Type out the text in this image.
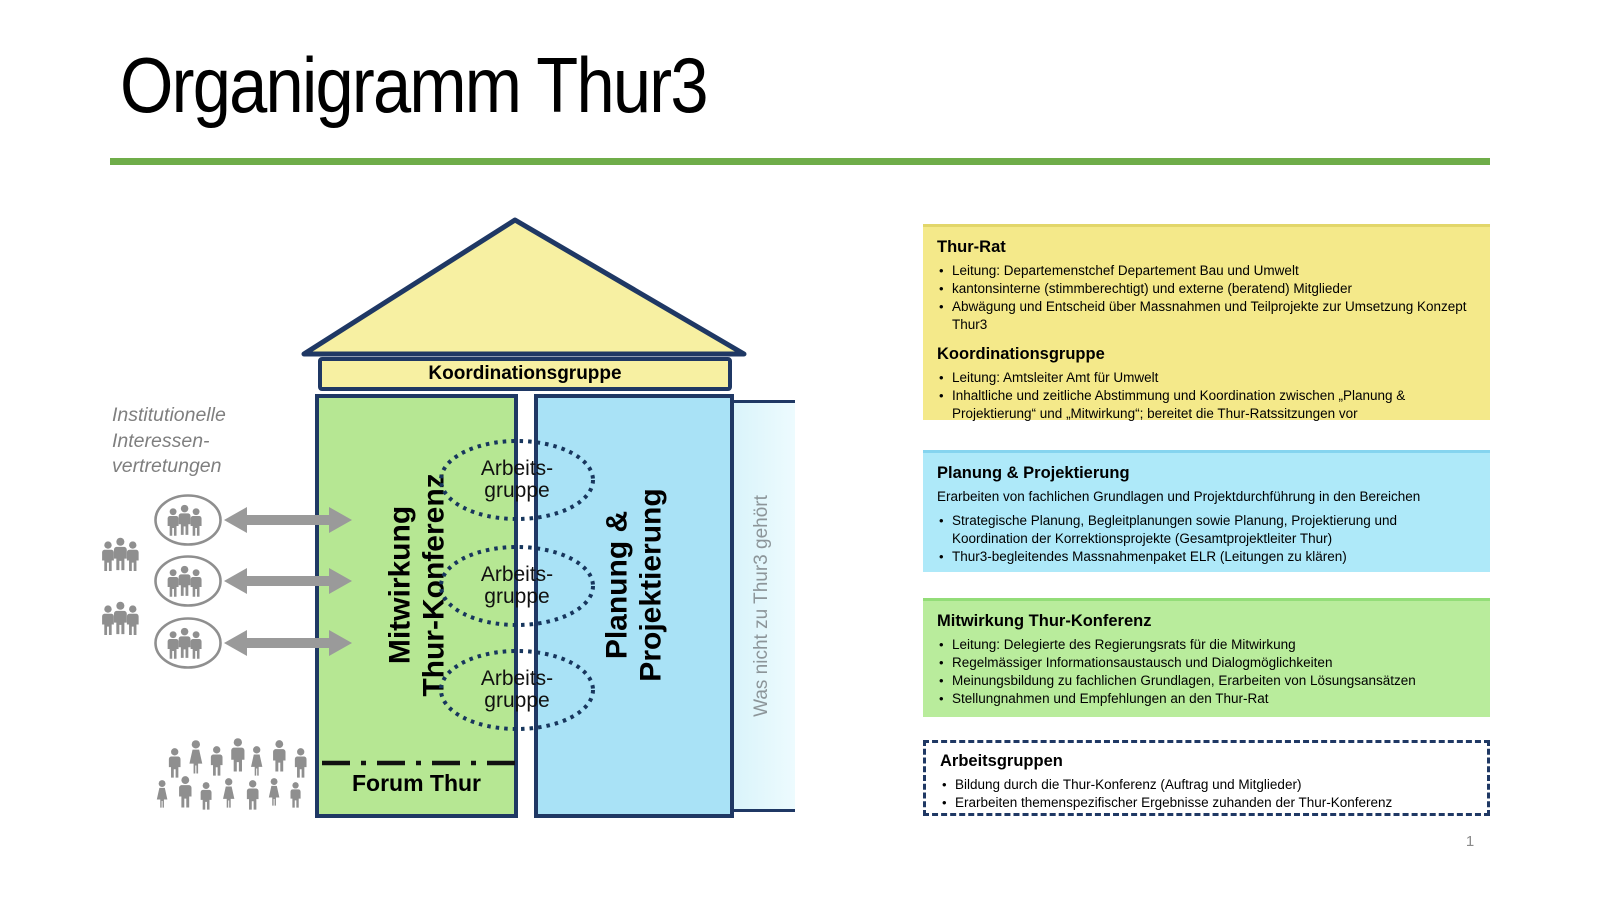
Organigramm Thur3
Koordinationsgruppe
Mitwirkung Thur-Konferenz	Planung & Projektierung	Was nicht zu Thur3 gehört
Forum Thur
Arbeits-
gruppe
Arbeits-
gruppe
Arbeits-
gruppe
Institutionelle
Interessen-
vertretungen
Thur-Rat
• Leitung: Departemenstchef Departement Bau und Umwelt
• kantonsinterne (stimmberechtigt) und externe (beratend) Mitglieder
• Abwägung und Entscheid über Massnahmen und Teilprojekte zur Umsetzung Konzept Thur3
Koordinationsgruppe
• Leitung: Amtsleiter Amt für Umwelt
• Inhaltliche und zeitliche Abstimmung und Koordination zwischen „Planung & Projektierung“ und „Mitwirkung“; bereitet die Thur-Ratssitzungen vor
Planung & Projektierung
Erarbeiten von fachlichen Grundlagen und Projektdurchführung in den Bereichen
• Strategische Planung, Begleitplanungen sowie Planung, Projektierung und Koordination der Korrektionsprojekte (Gesamtprojektleiter Thur)
• Thur3-begleitendes Massnahmenpaket ELR (Leitungen zu klären)
Mitwirkung Thur-Konferenz
• Leitung: Delegierte des Regierungsrats für die Mitwirkung
• Regelmässiger Informationsaustausch und Dialogmöglichkeiten
• Meinungsbildung zu fachlichen Grundlagen, Erarbeiten von Lösungsansätzen
• Stellungnahmen und Empfehlungen an den Thur-Rat
Arbeitsgruppen
• Bildung durch die Thur-Konferenz (Auftrag und Mitglieder)
• Erarbeiten themenspezifischer Ergebnisse zuhanden der Thur-Konferenz
1
